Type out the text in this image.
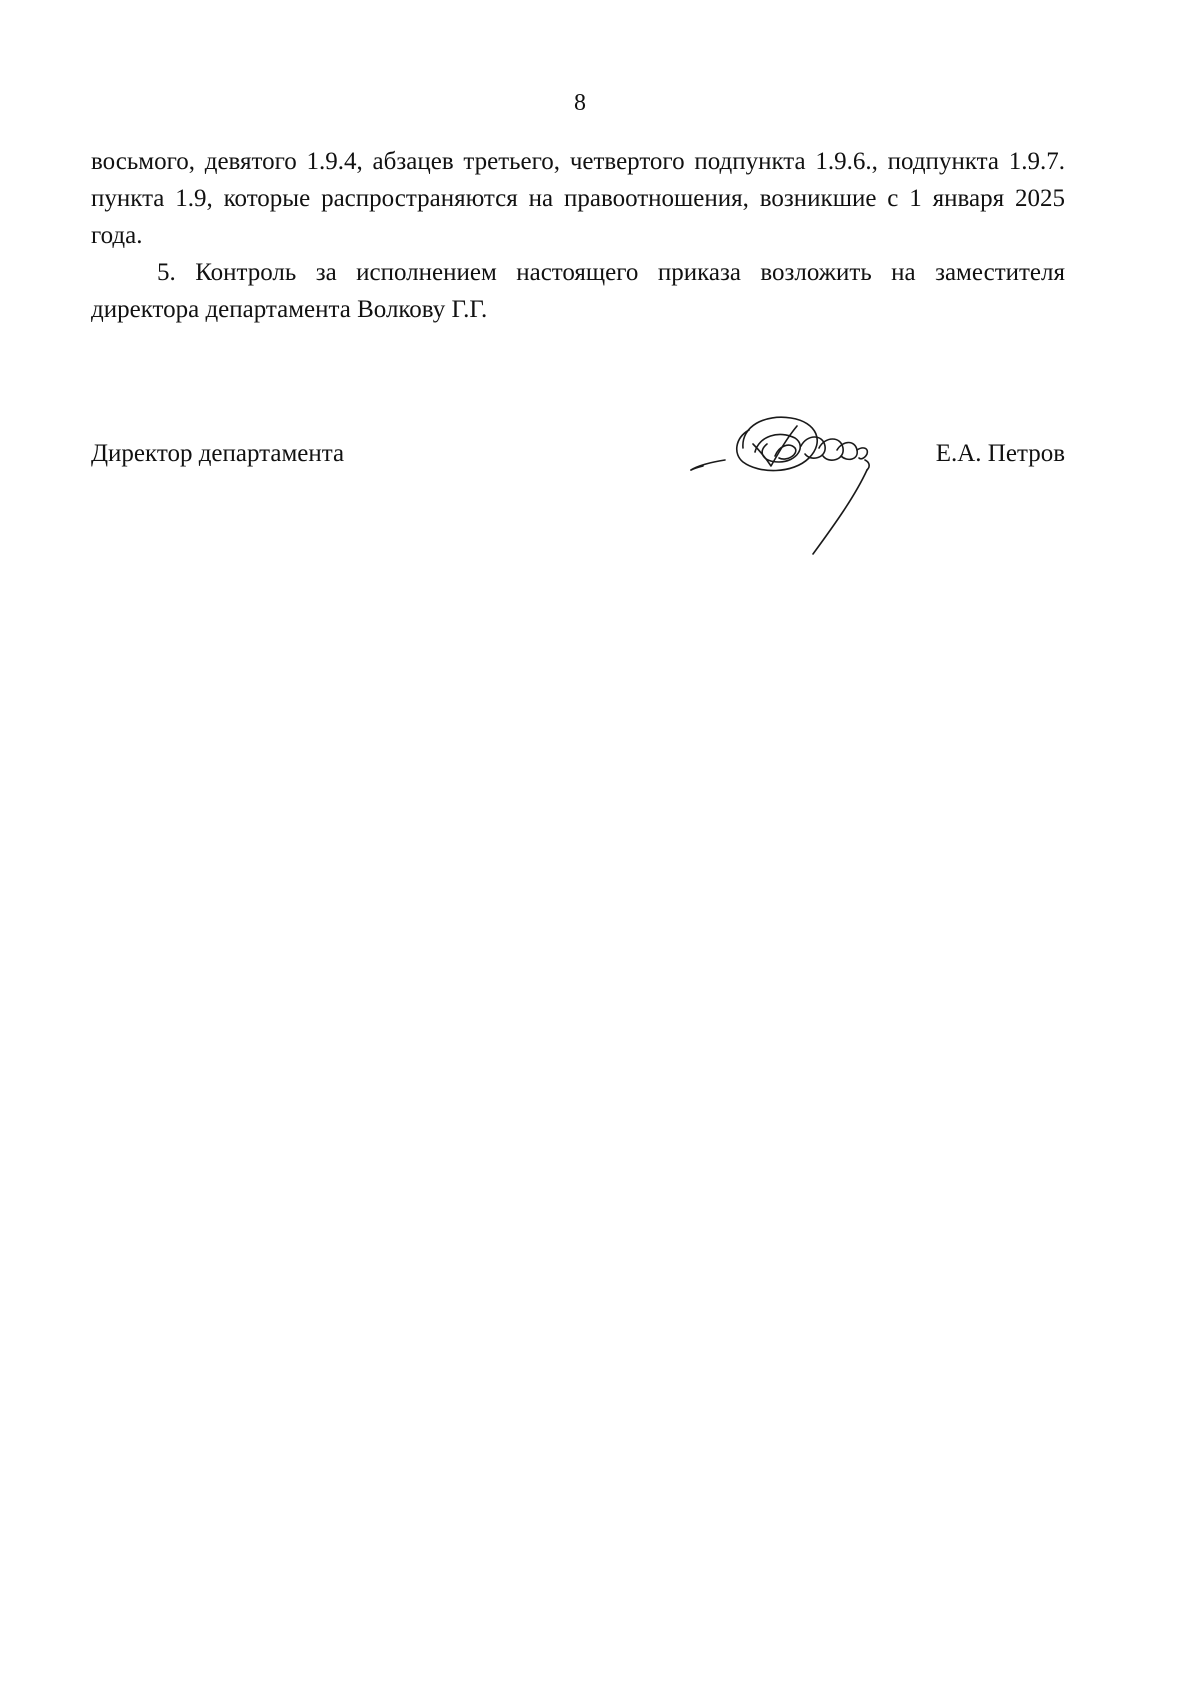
8

восьмого, девятого 1.9.4, абзацев третьего, четвертого подпункта 1.9.6., подпункта 1.9.7. пункта 1.9, которые распространяются на правоотношения, возникшие с 1 января 2025 года.

5. Контроль за исполнением настоящего приказа возложить на заместителя директора департамента Волкову Г.Г.

Директор департамента	Е.А. Петров
